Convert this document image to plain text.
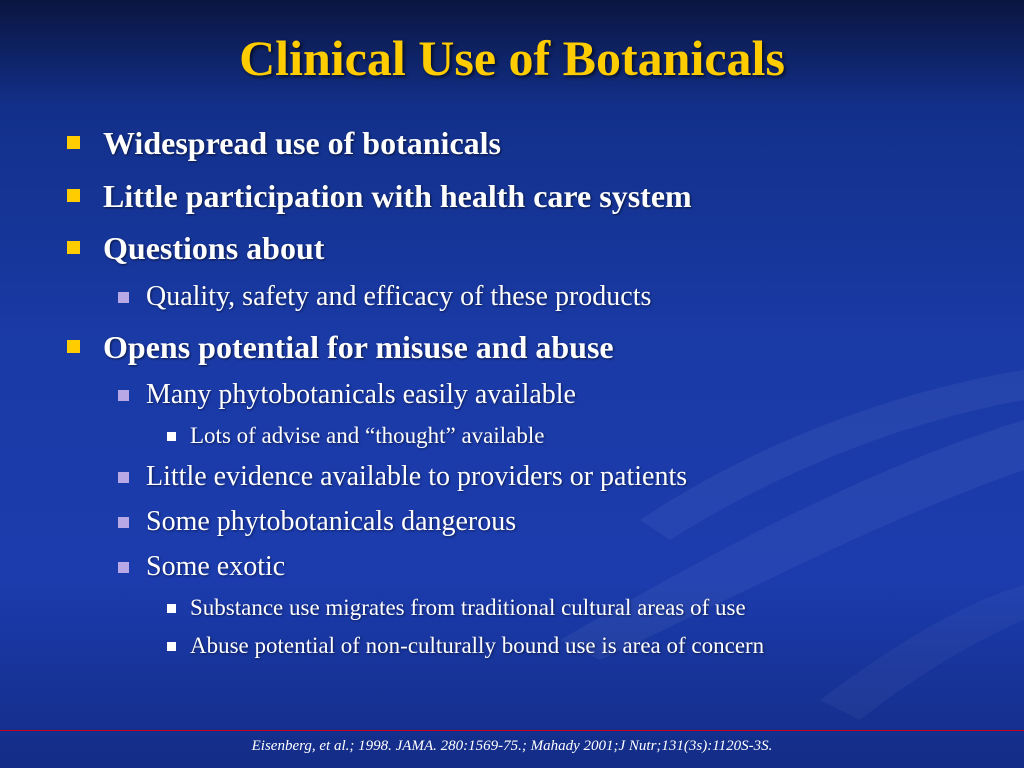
Clinical Use of Botanicals
Widespread use of botanicals
Little participation with health care system
Questions about
Quality, safety and efficacy of these products
Opens potential for misuse and abuse
Many phytobotanicals easily available
Lots of advise and “thought” available
Little evidence available to providers or patients
Some phytobotanicals dangerous
Some exotic
Substance use migrates from traditional cultural areas of use
Abuse potential of non-culturally bound use is area of concern
Eisenberg, et al.; 1998. JAMA. 280:1569-75.; Mahady 2001;J Nutr;131(3s):1120S-3S.
